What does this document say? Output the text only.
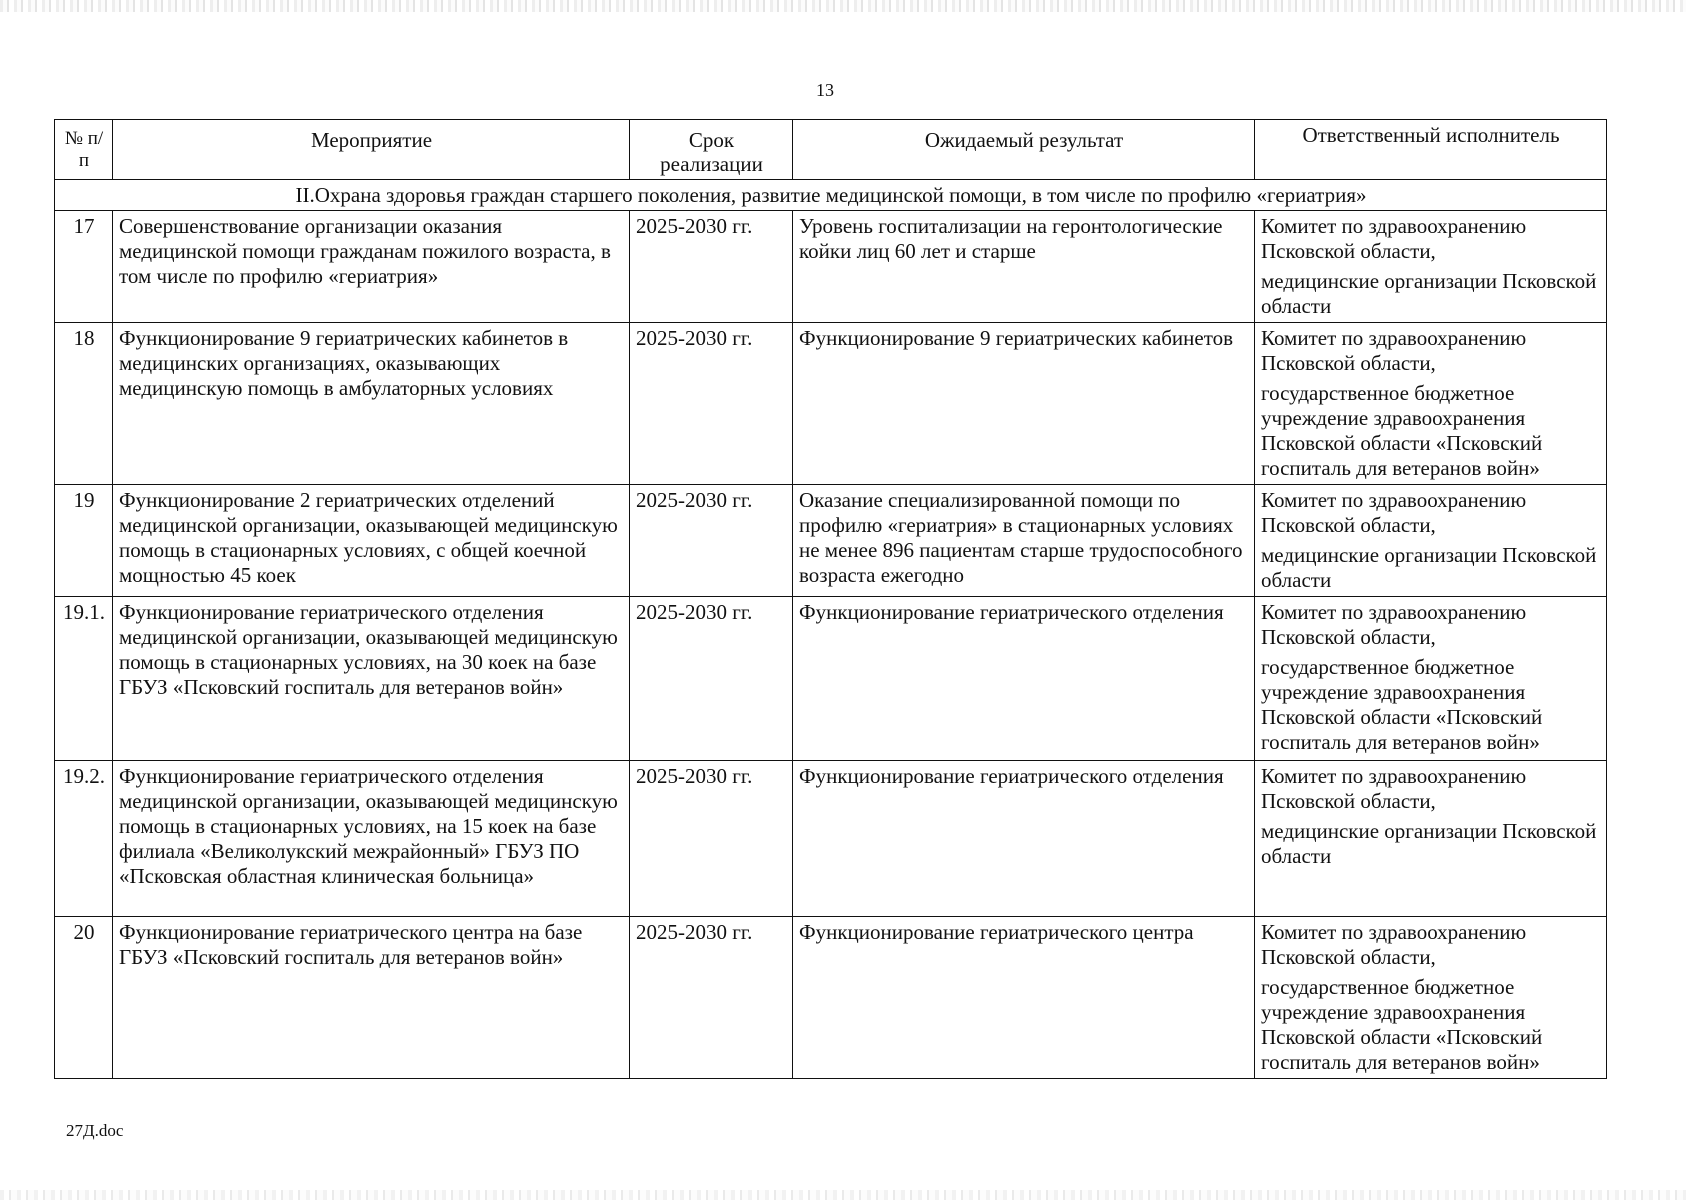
13
№ п/п	Мероприятие	Срок реализации	Ожидаемый результат	Ответственный исполнитель
II.Охрана здоровья граждан старшего поколения, развитие медицинской помощи, в том числе по профилю «гериатрия»				
17	Совершенствование организации оказания медицинской помощи гражданам пожилого возраста, в том числе по профилю «гериатрия»	2025-2030 гг.	Уровень госпитализации на геронтологические койки лиц 60 лет и старше	Комитет по здравоохранению Псковской области,
медицинские организации Псковской области

18	Функционирование 9 гериатрических кабинетов в медицинских организациях, оказывающих медицинскую помощь в амбулаторных условиях	2025-2030 гг.	Функционирование 9 гериатрических кабинетов	Комитет по здравоохранению Псковской области,
государственное бюджетное учреждение здравоохранения Псковской области «Псковский госпиталь для ветеранов войн»

19	Функционирование 2 гериатрических отделений медицинской организации, оказывающей медицинскую помощь в стационарных условиях, с общей коечной мощностью 45 коек	2025-2030 гг.	Оказание специализированной помощи по профилю «гериатрия» в стационарных условиях не менее 896 пациентам старше трудоспособного возраста ежегодно	Комитет по здравоохранению Псковской области,
медицинские организации Псковской области

19.1.	Функционирование гериатрического отделения медицинской организации, оказывающей медицинскую помощь в стационарных условиях, на 30 коек на базе ГБУЗ «Псковский госпиталь для ветеранов войн»	2025-2030 гг.	Функционирование гериатрического отделения	Комитет по здравоохранению Псковской области,
государственное бюджетное учреждение здравоохранения Псковской области «Псковский госпиталь для ветеранов войн»

19.2.	Функционирование гериатрического отделения медицинской организации, оказывающей медицинскую помощь в стационарных условиях, на 15 коек на базе филиала «Великолукский межрайонный» ГБУЗ ПО «Псковская областная клиническая больница»	2025-2030 гг.	Функционирование гериатрического отделения	Комитет по здравоохранению Псковской области,
медицинские организации Псковской области

20	Функционирование гериатрического центра на базе ГБУЗ «Псковский госпиталь для ветеранов войн»	2025-2030 гг.	Функционирование гериатрического центра	Комитет по здравоохранению Псковской области,
государственное бюджетное учреждение здравоохранения Псковской области «Псковский госпиталь для ветеранов войн»
27Д.doc
